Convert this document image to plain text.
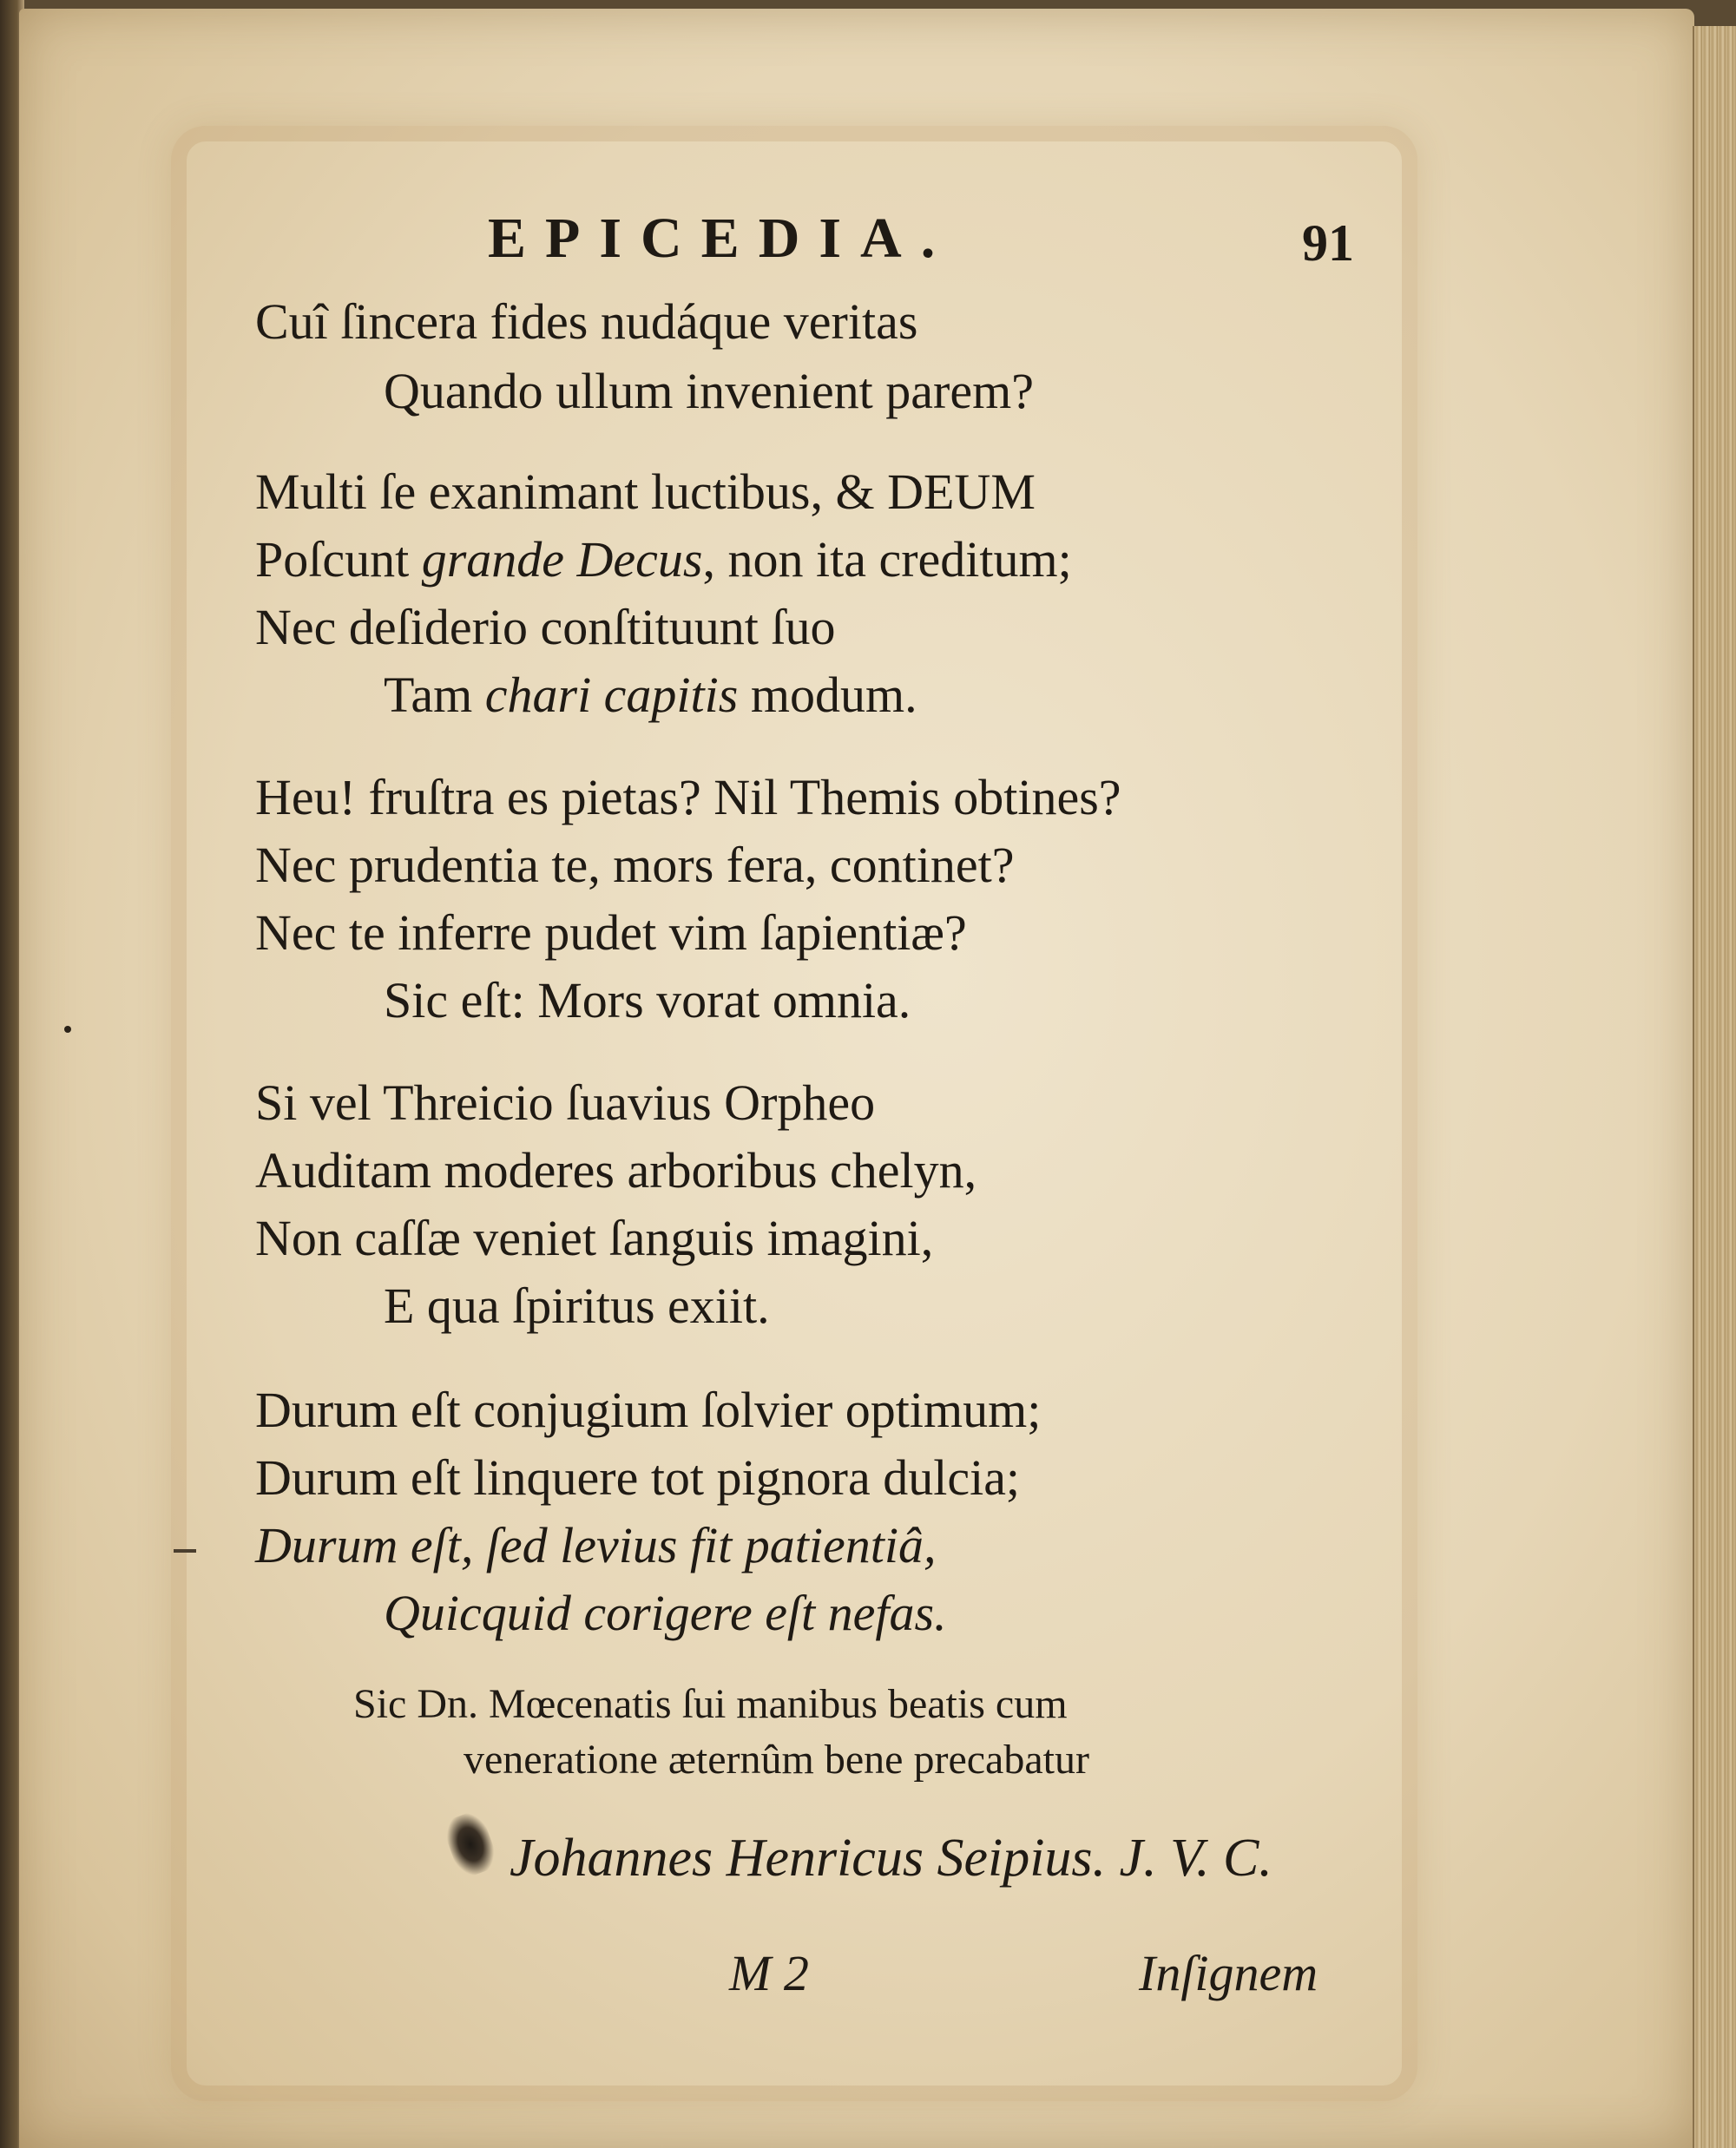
EPICEDIA.	91
Cuî ſincera fides nudáque veritas
Quando ullum invenient parem?
Multi ſe exanimant luctibus, & DEUM
Poſcunt grande Decus, non ita creditum;
Nec deſiderio conſtituunt ſuo
Tam chari capitis modum.
Heu! fruſtra es pietas? Nil Themis obtines?
Nec prudentia te, mors fera, continet?
Nec te inferre pudet vim ſapientiæ?
Sic eſt: Mors vorat omnia.
Si vel Threicio ſuavius Orpheo
Auditam moderes arboribus chelyn,
Non caſſæ veniet ſanguis imagini,
E qua ſpiritus exiit.
Durum eſt conjugium ſolvier optimum;
Durum eſt linquere tot pignora dulcia;
Durum eſt, ſed levius fit patientiâ,
Quicquid corigere eſt nefas.
Sic Dn. Mœcenatis ſui manibus beatis cum
veneratione æternûm bene precabatur
Johannes Henricus Seipius. J. V. C.
M 2	Inſignem
